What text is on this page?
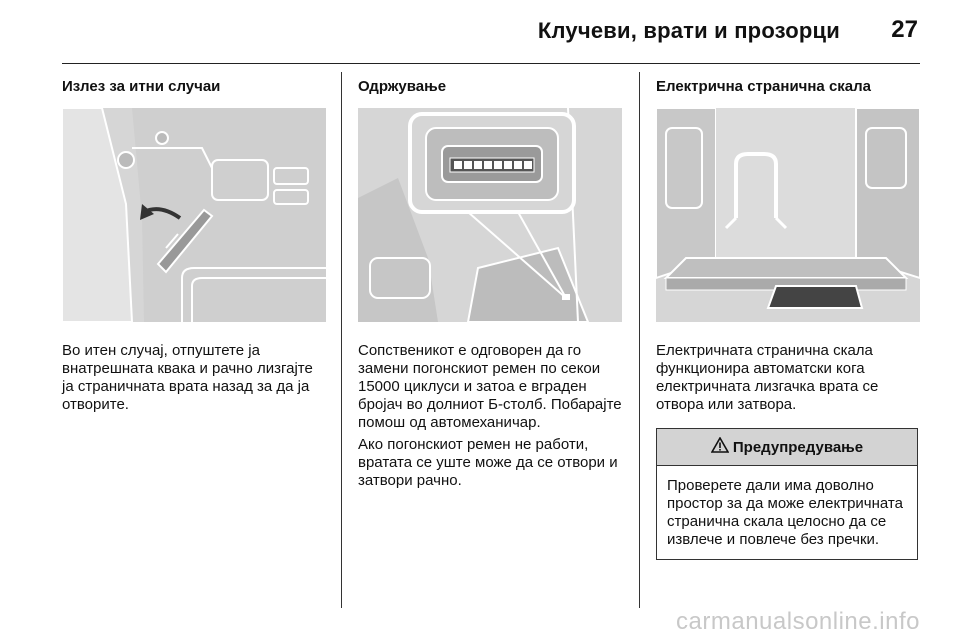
Клучеви, врати и прозорци 27
Излез за итни случаи

Во итен случај, отпуштете ја внатрешната квака и рачно лизгајте ја страничната врата назад за да ја отворите.

Одржување

Сопственикот е одговорен да го замени погонскиот ремен по секои 15000 циклуси и затоа е вграден бројач во долниот Б-столб. Побарајте помош од автомеханичар.

Ако погонскиот ремен не работи, вратата се уште може да се отвори и затвори рачно.

Електрична странична скала

Електричната странична скала функционира автоматски кога електричната лизгачка врата се отвора или затвора.

Предупредување
Проверете дали има доволно простор за да може електричната странична скала целосно да се извлече и повлече без пречки.
carmanualsonline.info
